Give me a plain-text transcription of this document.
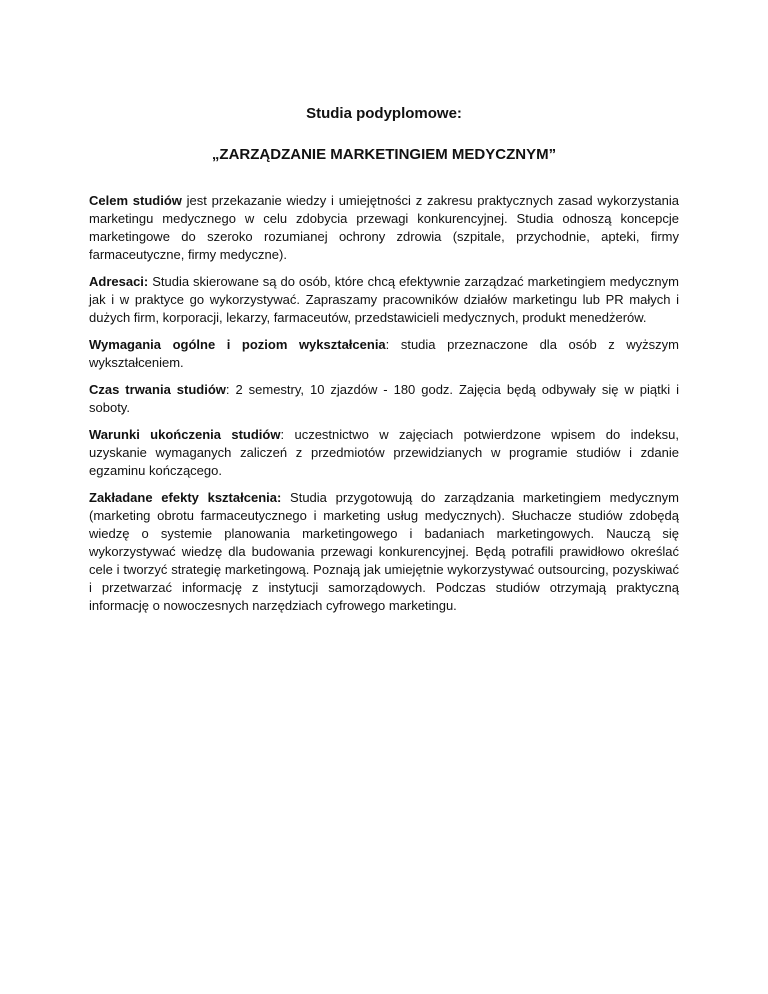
Studia podyplomowe:
„ZARZĄDZANIE MARKETINGIEM MEDYCZNYM”

Celem studiów jest przekazanie wiedzy i umiejętności z zakresu praktycznych zasad wykorzystania marketingu medycznego w celu zdobycia przewagi konkurencyjnej. Studia odnoszą koncepcje marketingowe do szeroko rozumianej ochrony zdrowia (szpitale, przychodnie, apteki, firmy farmaceutyczne, firmy medyczne).

Adresaci: Studia skierowane są do osób, które chcą efektywnie zarządzać marketingiem medycznym jak i w praktyce go wykorzystywać. Zapraszamy pracowników działów marketingu lub PR małych i dużych firm, korporacji, lekarzy, farmaceutów, przedstawicieli medycznych, produkt menedżerów.

Wymagania ogólne i poziom wykształcenia: studia przeznaczone dla osób z wyższym wykształceniem.

Czas trwania studiów: 2 semestry, 10 zjazdów - 180 godz. Zajęcia będą odbywały się w piątki i soboty.

Warunki ukończenia studiów: uczestnictwo w zajęciach potwierdzone wpisem do indeksu, uzyskanie wymaganych zaliczeń z przedmiotów przewidzianych w programie studiów i zdanie egzaminu kończącego.

Zakładane efekty kształcenia: Studia przygotowują do zarządzania marketingiem medycznym (marketing obrotu farmaceutycznego i marketing usług medycznych). Słuchacze studiów zdobędą wiedzę o systemie planowania marketingowego i badaniach marketingowych. Nauczą się wykorzystywać wiedzę dla budowania przewagi konkurencyjnej. Będą potrafili prawidłowo określać cele i tworzyć strategię marketingową. Poznają jak umiejętnie wykorzystywać outsourcing, pozyskiwać i przetwarzać informację z instytucji samorządowych. Podczas studiów otrzymają praktyczną informację o nowoczesnych narzędziach cyfrowego marketingu.
